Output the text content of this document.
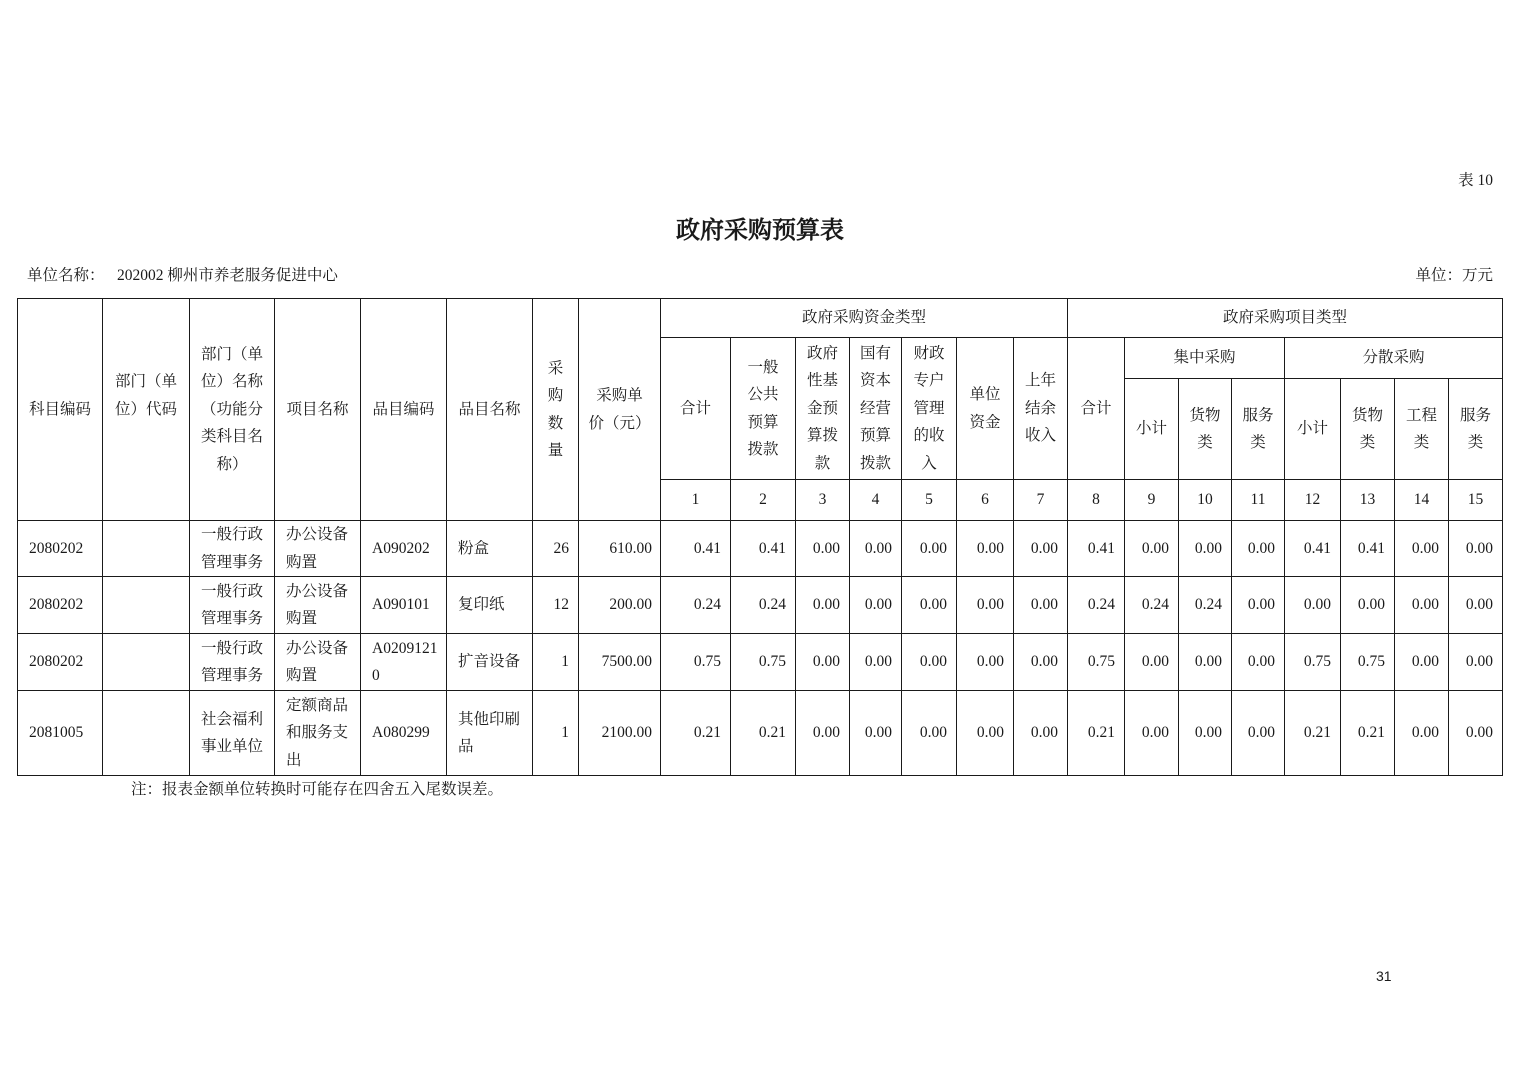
表 10
政府采购预算表
单位名称： 202002 柳州市养老服务促进中心	单位：万元
科目编码	部门（单
位）代码	部门（单
位）名称
（功能分
类科目名
称）	项目名称	品目编码	品目名称	采
购
数
量	采购单
价（元）	政府采购资金类型							政府采购项目类型							
								合计	一般
公共
预算
拨款	政府
性基
金预
算拨
款	国有
资本
经营
预算
拨款	财政
专户
管理
的收
入	单位
资金	上年
结余
收入	合计	集中采购			分散采购			
																小计	货物
类	服务
类	小计	货物
类	工程
类	服务
类
								1	2	3	4	5	6	7	8	9	10	11	12	13	14	15
2080202		一般行政
管理事务	办公设备
购置	A090202	粉盒	26	610.00	0.41	0.41	0.00	0.00	0.00	0.00	0.00	0.41	0.00	0.00	0.00	0.41	0.41	0.00	0.00
2080202		一般行政
管理事务	办公设备
购置	A090101	复印纸	12	200.00	0.24	0.24	0.00	0.00	0.00	0.00	0.00	0.24	0.24	0.24	0.00	0.00	0.00	0.00	0.00
2080202		一般行政
管理事务	办公设备
购置	A0209121
0	扩音设备	1	7500.00	0.75	0.75	0.00	0.00	0.00	0.00	0.00	0.75	0.00	0.00	0.00	0.75	0.75	0.00	0.00
2081005		社会福利
事业单位	定额商品
和服务支
出	A080299	其他印刷
品	1	2100.00	0.21	0.21	0.00	0.00	0.00	0.00	0.00	0.21	0.00	0.00	0.00	0.21	0.21	0.00	0.00
注：报表金额单位转换时可能存在四舍五入尾数误差。
31
